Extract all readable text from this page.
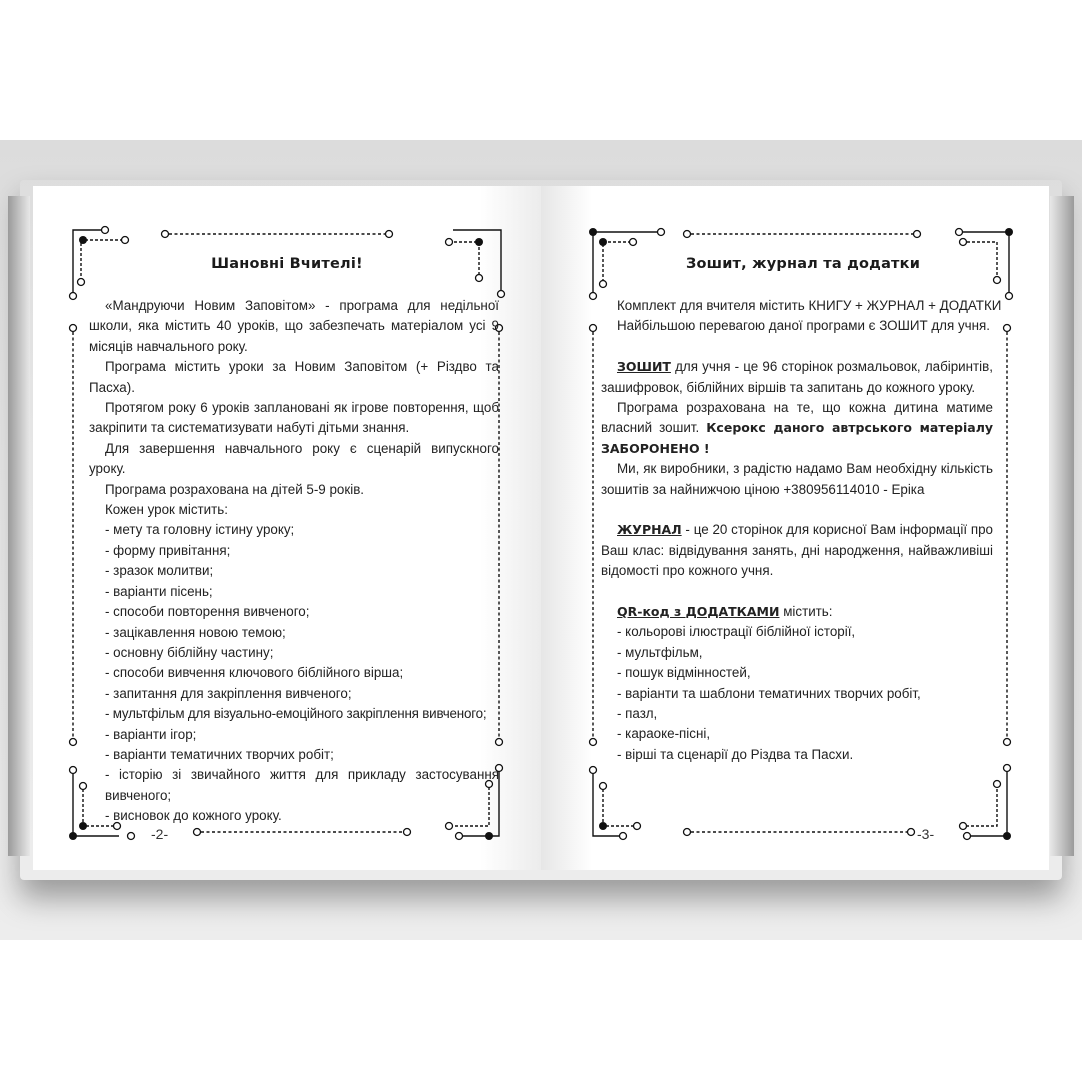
Шановні Вчителі!

«Мандруючи Новим Заповітом» - програма для недільної школи, яка містить 40 уроків, що забезпечать матеріалом усі 9 місяців навчального року.

Програма містить уроки за Новим Заповітом (+ Різдво та Пасха).

Протягом року 6 уроків заплановані як ігрове повторення, щоб закріпити та систематизувати набуті дітьми знання.

Для завершення навчального року є сценарій випускного уроку.

Програма розрахована на дітей 5-9 років.

Кожен урок містить:

- мету та головну істину уроку;
- форму привітання;
- зразок молитви;
- варіанти пісень;
- способи повторення вивченого;
- зацікавлення новою темою;
- основну біблійну частину;
- способи вивчення ключового біблійного вірша;
- запитання для закріплення вивченого;
- мультфільм для візуально-емоційного закріплення вивченого;
- варіанти ігор;
- варіанти тематичних творчих робіт;
- історію зі звичайного життя для прикладу застосування вивченого;
- висновок до кожного уроку.
-2-
Зошит, журнал та додатки

Комплект для вчителя містить КНИГУ + ЖУРНАЛ + ДОДАТКИ

Найбільшою перевагою даної програми є ЗОШИТ для учня.

ЗОШИТ для учня - це 96 сторінок розмальовок, лабіринтів, зашифровок, біблійних віршів та запитань до кожного уроку.

Програма розрахована на те, що кожна дитина матиме власний зошит. Ксерокс даного автрського матеріалу ЗАБОРОНЕНО !

Ми, як виробники, з радістю надамо Вам необхідну кількість зошитів за найнижчою ціною +380956114010 - Еріка

ЖУРНАЛ - це 20 сторінок для корисної Вам інформації про Ваш клас: відвідування занять, дні народження, найважливіші відомості про кожного учня.

QR-код з ДОДАТКАМИ містить:

- кольорові ілюстрації біблійної історії,
- мультфільм,
- пошук відмінностей,
- варіанти та шаблони тематичних творчих робіт,
- пазл,
- караоке-пісні,
- вірші та сценарії до Різдва та Пасхи.
-3-
